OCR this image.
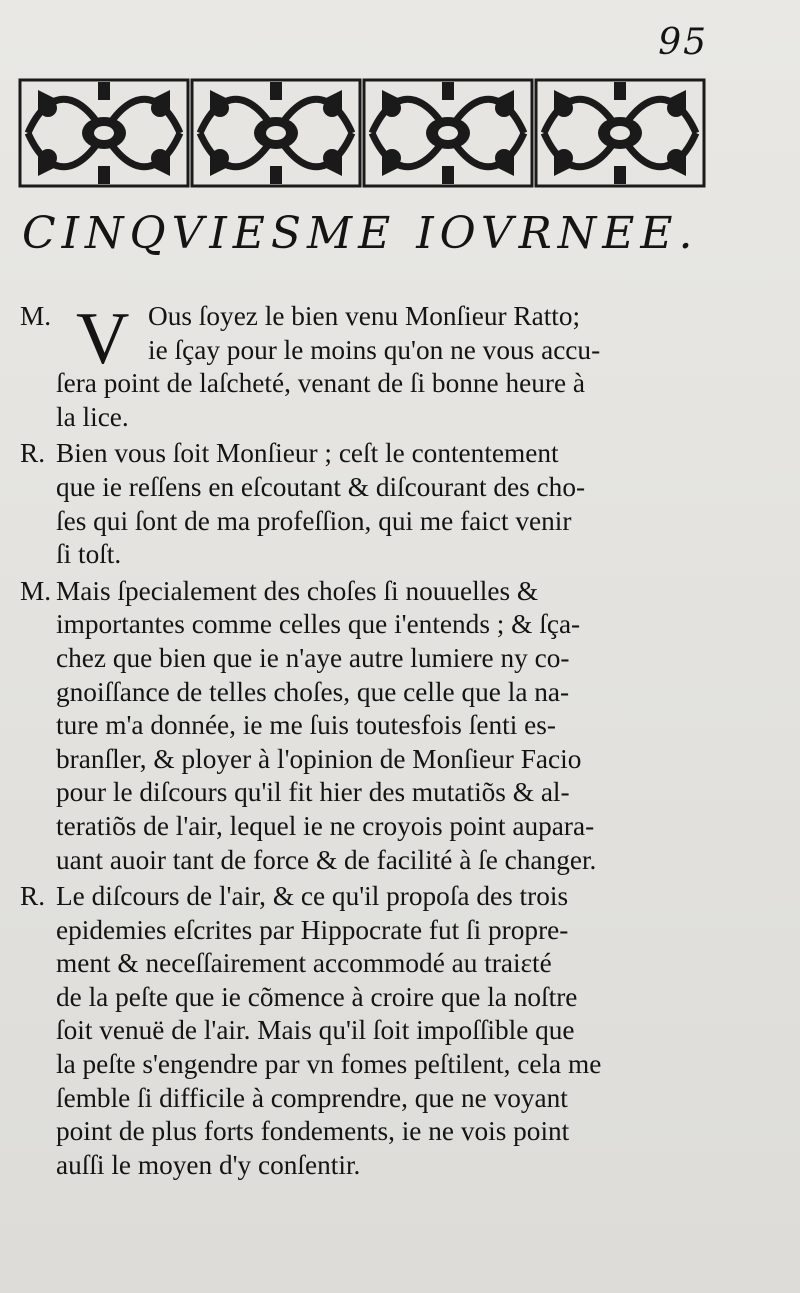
95
CINQVIESME IOVRNEE.
M. V Ous ſoyez le bien venu Monſieur Ratto;
ie ſçay pour le moins qu'on ne vous accu-
ſera point de laſcheté, venant de ſi bonne heure à
la lice.
R. Bien vous ſoit Monſieur ; ceſt le contentement
que ie reſſens en eſcoutant & diſcourant des cho-
ſes qui ſont de ma profeſſion, qui me faict venir
ſi toſt.
M. Mais ſpecialement des choſes ſi nouuelles &
importantes comme celles que i'entends ; & ſça-
chez que bien que ie n'aye autre lumiere ny co-
gnoiſſance de telles choſes, que celle que la na-
ture m'a donnée, ie me ſuis toutesfois ſenti es-
branſler, & ployer à l'opinion de Monſieur Facio
pour le diſcours qu'il fit hier des mutatiõs & al-
teratiõs de l'air, lequel ie ne croyois point aupara-
uant auoir tant de force & de facilité à ſe changer.
R. Le diſcours de l'air, & ce qu'il propoſa des trois
epidemies eſcrites par Hippocrate fut ſi propre-
ment & neceſſairement accommodé au traiɛté
de la peſte que ie cõmence à croire que la noſtre
ſoit venuë de l'air. Mais qu'il ſoit impoſſible que
la peſte s'engendre par vn fomes peſtilent, cela me
ſemble ſi difficile à comprendre, que ne voyant
point de plus forts fondements, ie ne vois point
auſſi le moyen d'y conſentir.
